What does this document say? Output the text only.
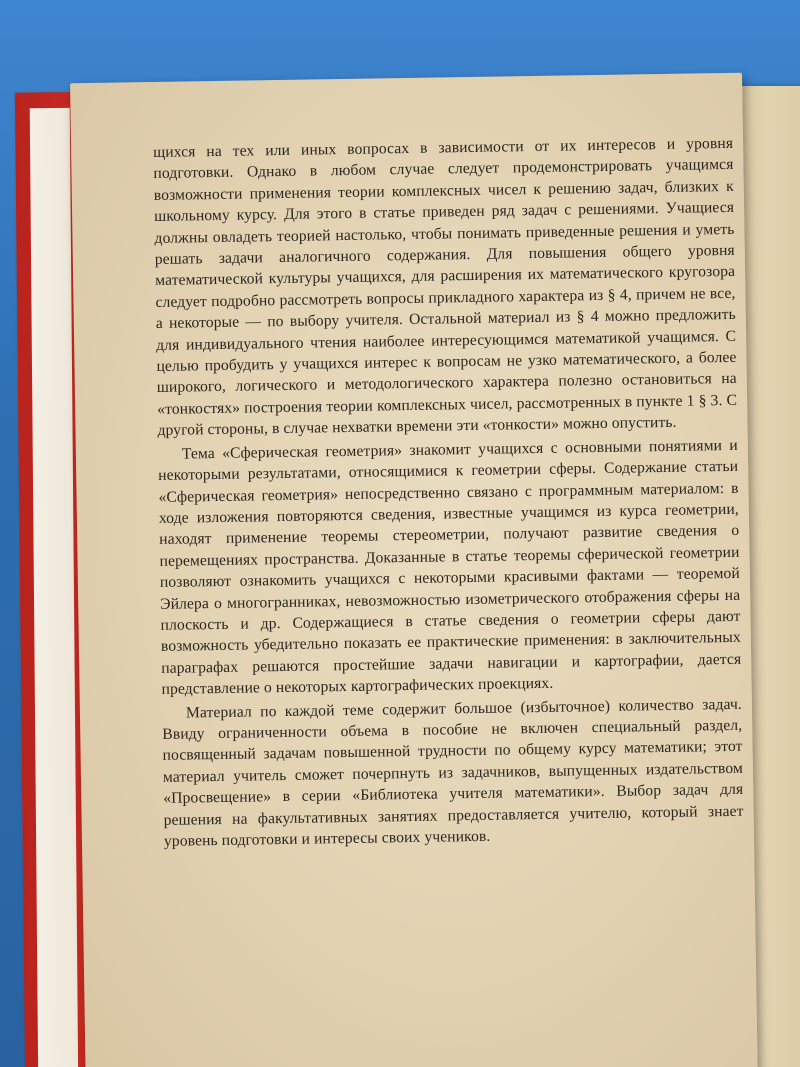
щихся на тех или иных вопросах в зависимости от их интересов и уровня подготовки. Однако в любом случае следует продемонстрировать учащимся возможности применения теории комплексных чисел к решению задач, близких к школьному курсу. Для этого в статье приведен ряд задач с решениями. Учащиеся должны овладеть теорией настолько, чтобы понимать приведенные решения и уметь решать задачи аналогичного содержания. Для повышения общего уровня математической культуры учащихся, для расширения их математического кругозора следует подробно рассмотреть вопросы прикладного характера из § 4, причем не все, а некоторые — по выбору учителя. Остальной материал из § 4 можно предложить для индивидуального чтения наиболее интересующимся математикой учащимся. С целью пробудить у учащихся интерес к вопросам не узко математического, а более широкого, логического и методологического характера полезно остановиться на «тонкостях» построения теории комплексных чисел, рассмотренных в пункте 1 § 3. С другой стороны, в случае нехватки времени эти «тонкости» можно опустить.

Тема «Сферическая геометрия» знакомит учащихся с основными понятиями и некоторыми результатами, относящимися к геометрии сферы. Содержание статьи «Сферическая геометрия» непосредственно связано с программным материалом: в ходе изложения повторяются сведения, известные учащимся из курса геометрии, находят применение теоремы стереометрии, получают развитие сведения о перемещениях пространства. Доказанные в статье теоремы сферической геометрии позволяют ознакомить учащихся с некоторыми красивыми фактами — теоремой Эйлера о многогранниках, невозможностью изометрического отображения сферы на плоскость и др. Содержащиеся в статье сведения о геометрии сферы дают возможность убедительно показать ее практические применения: в заключительных параграфах решаются простейшие задачи навигации и картографии, дается представление о некоторых картографических проекциях.

Материал по каждой теме содержит большое (избыточное) количество задач. Ввиду ограниченности объема в пособие не включен специальный раздел, посвященный задачам повышенной трудности по общему курсу математики; этот материал учитель сможет почерпнуть из задачников, выпущенных издательством «Просвещение» в серии «Библиотека учителя математики». Выбор задач для решения на факультативных занятиях предоставляется учителю, который знает уровень подготовки и интересы своих учеников.
